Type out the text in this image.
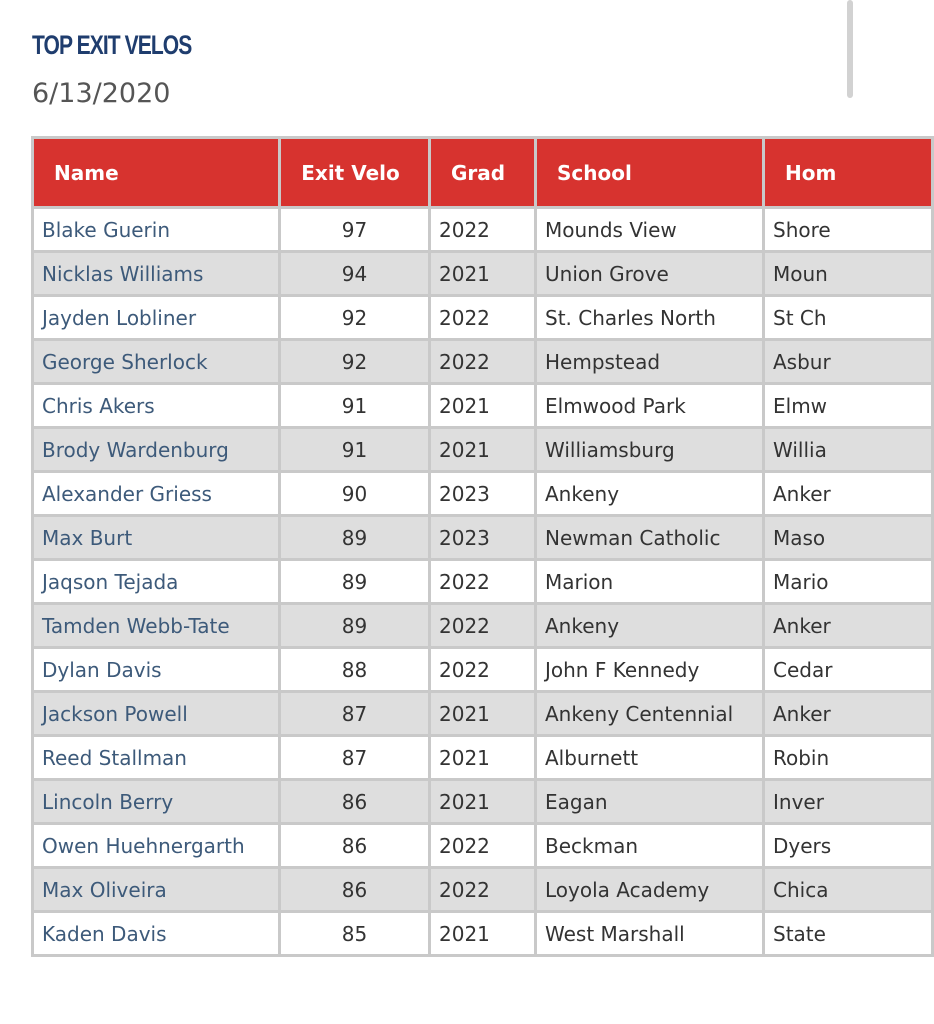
TOP EXIT VELOS
6/13/2020
Name	Exit Velo	Grad	School	Hom
Blake Guerin	97	2022	Mounds View	Shore
Nicklas Williams	94	2021	Union Grove	Moun
Jayden Lobliner	92	2022	St. Charles North	St Ch
George Sherlock	92	2022	Hempstead	Asbur
Chris Akers	91	2021	Elmwood Park	Elmw
Brody Wardenburg	91	2021	Williamsburg	Willia
Alexander Griess	90	2023	Ankeny	Anker
Max Burt	89	2023	Newman Catholic	Maso
Jaqson Tejada	89	2022	Marion	Mario
Tamden Webb-Tate	89	2022	Ankeny	Anker
Dylan Davis	88	2022	John F Kennedy	Cedar
Jackson Powell	87	2021	Ankeny Centennial	Anker
Reed Stallman	87	2021	Alburnett	Robin
Lincoln Berry	86	2021	Eagan	Inver
Owen Huehnergarth	86	2022	Beckman	Dyers
Max Oliveira	86	2022	Loyola Academy	Chica
Kaden Davis	85	2021	West Marshall	State
